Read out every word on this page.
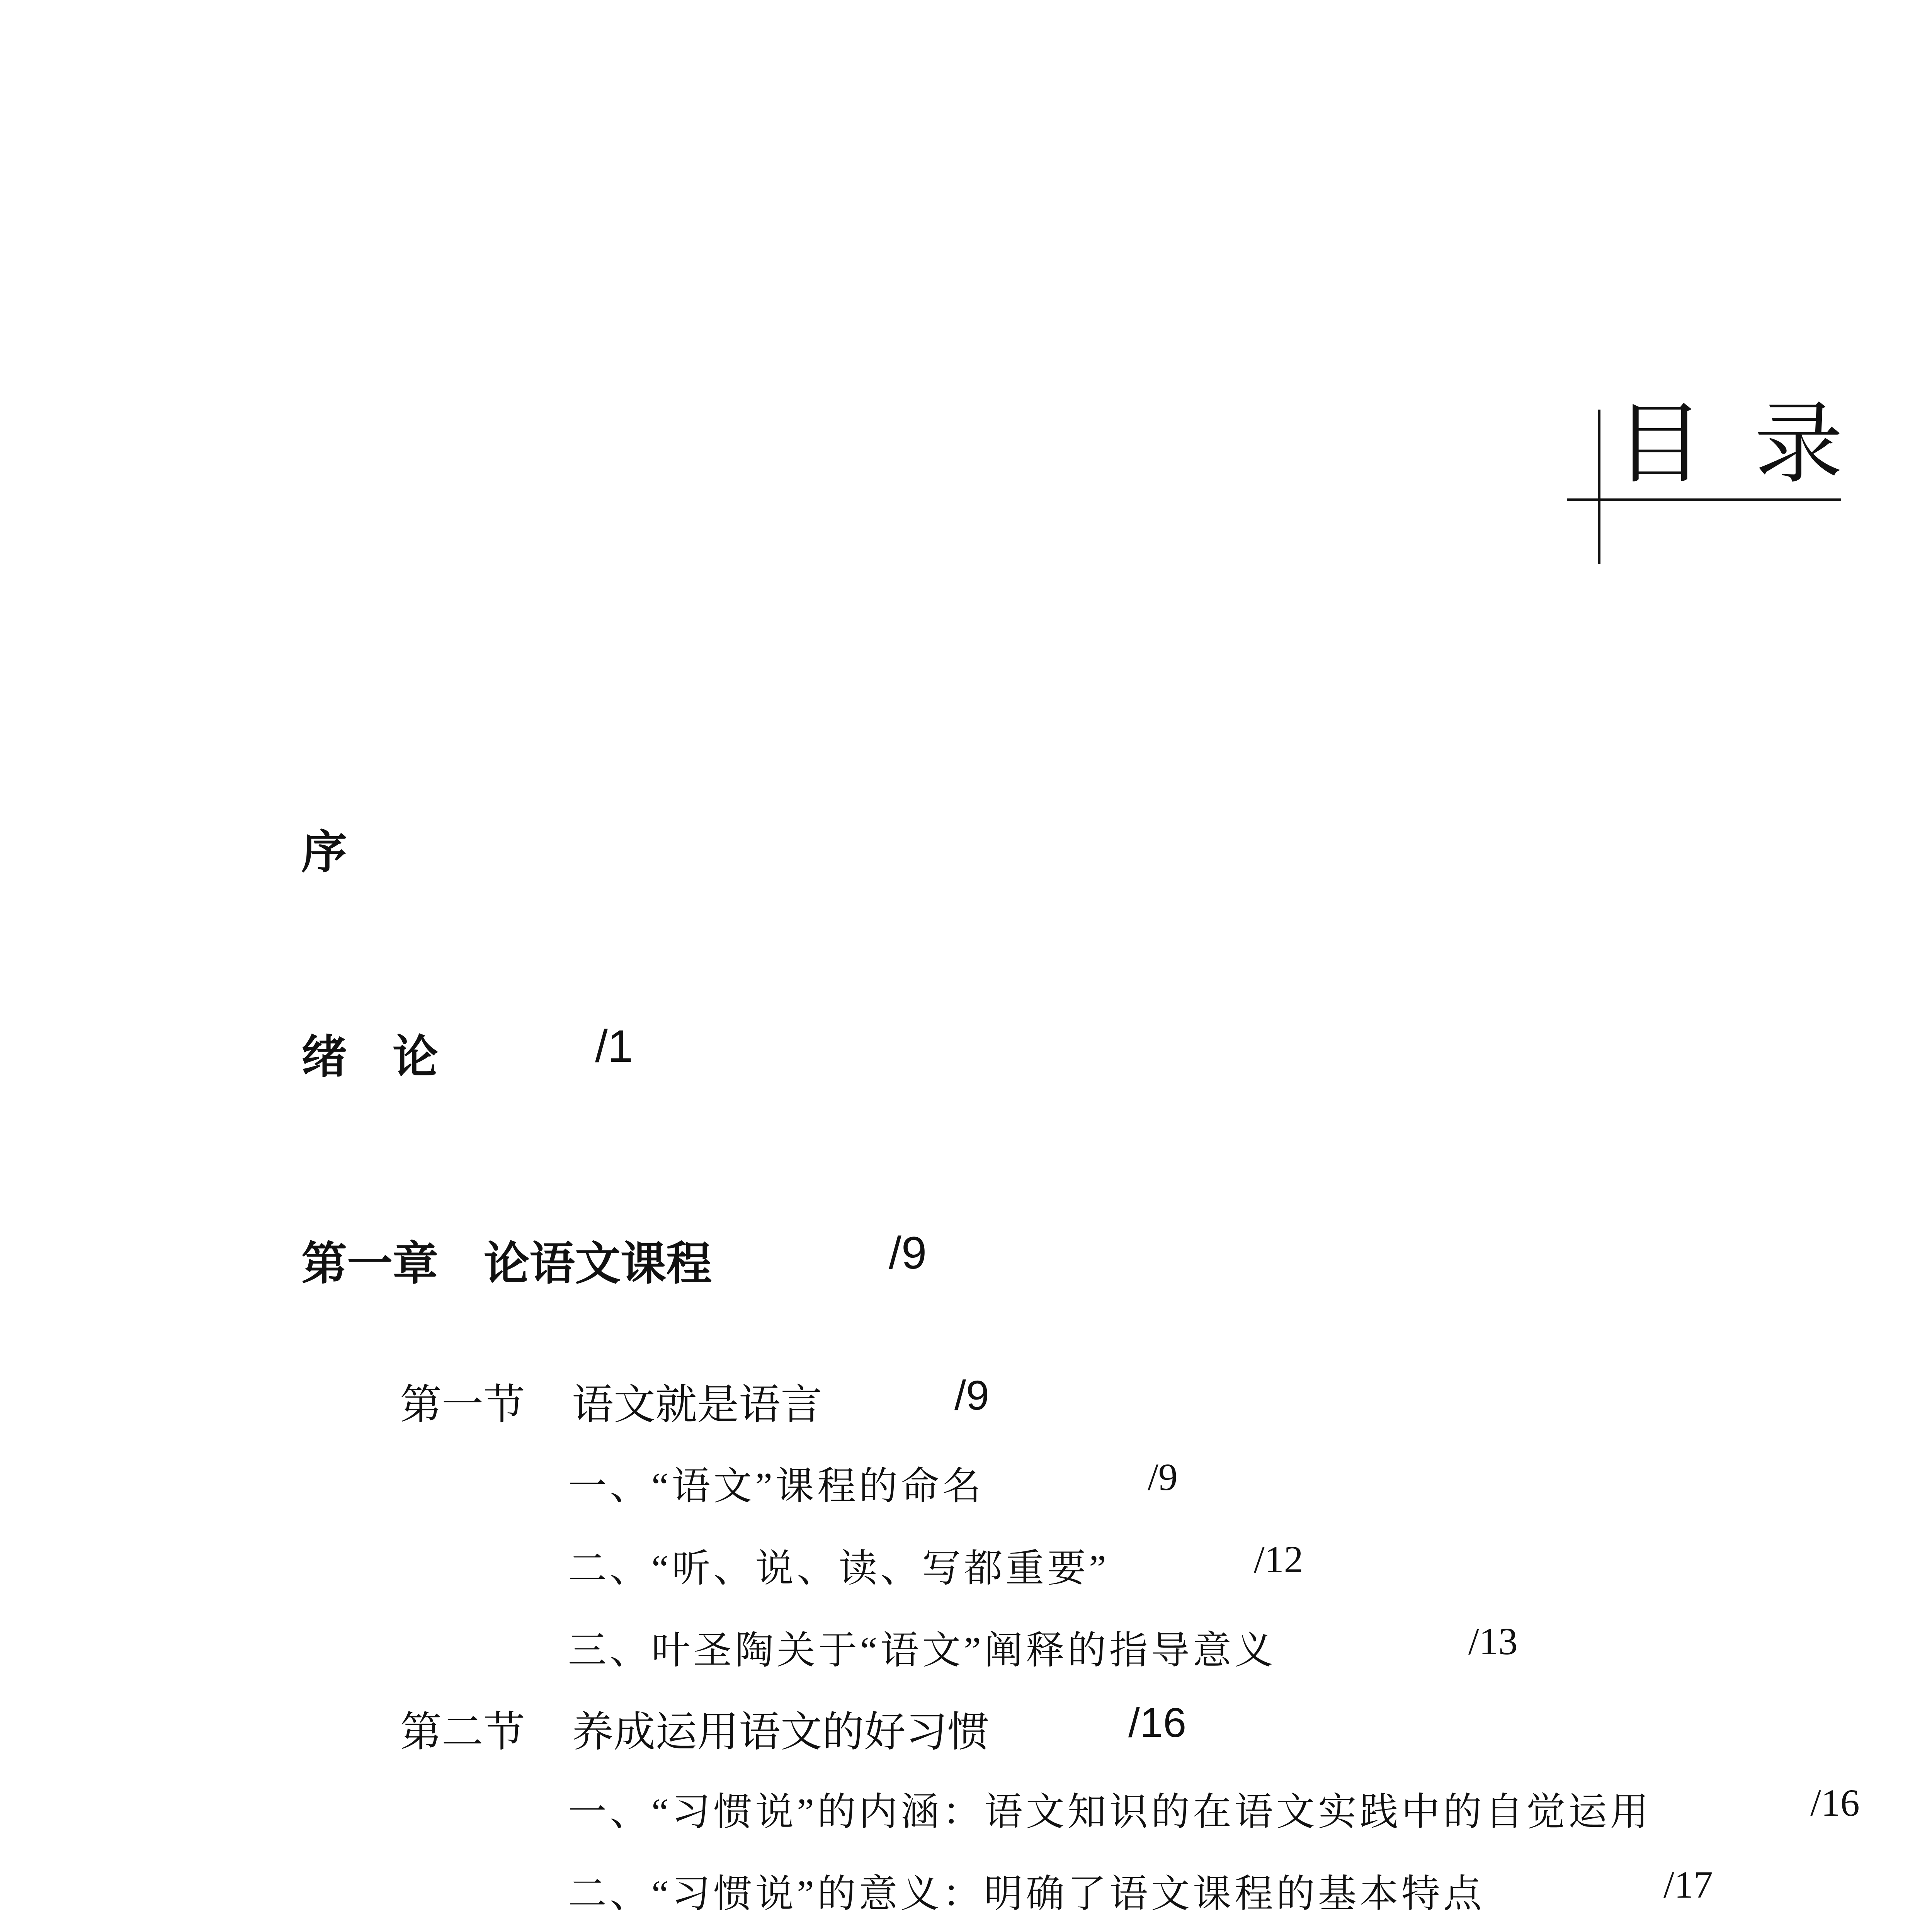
目 录
序
绪　论	/1
第一章　论语文课程	/9
第一节 语文就是语言	/9
一、“语文”课程的命名	/9
二、“听、说、读、写都重要”	/12
三、叶圣陶关于“语文”阐释的指导意义	/13
第二节 养成运用语文的好习惯	/16
一、“习惯说”的内涵：语文知识的在语文实践中的自觉运用	/16
二、“习惯说”的意义：明确了语文课程的基本特点	/17
